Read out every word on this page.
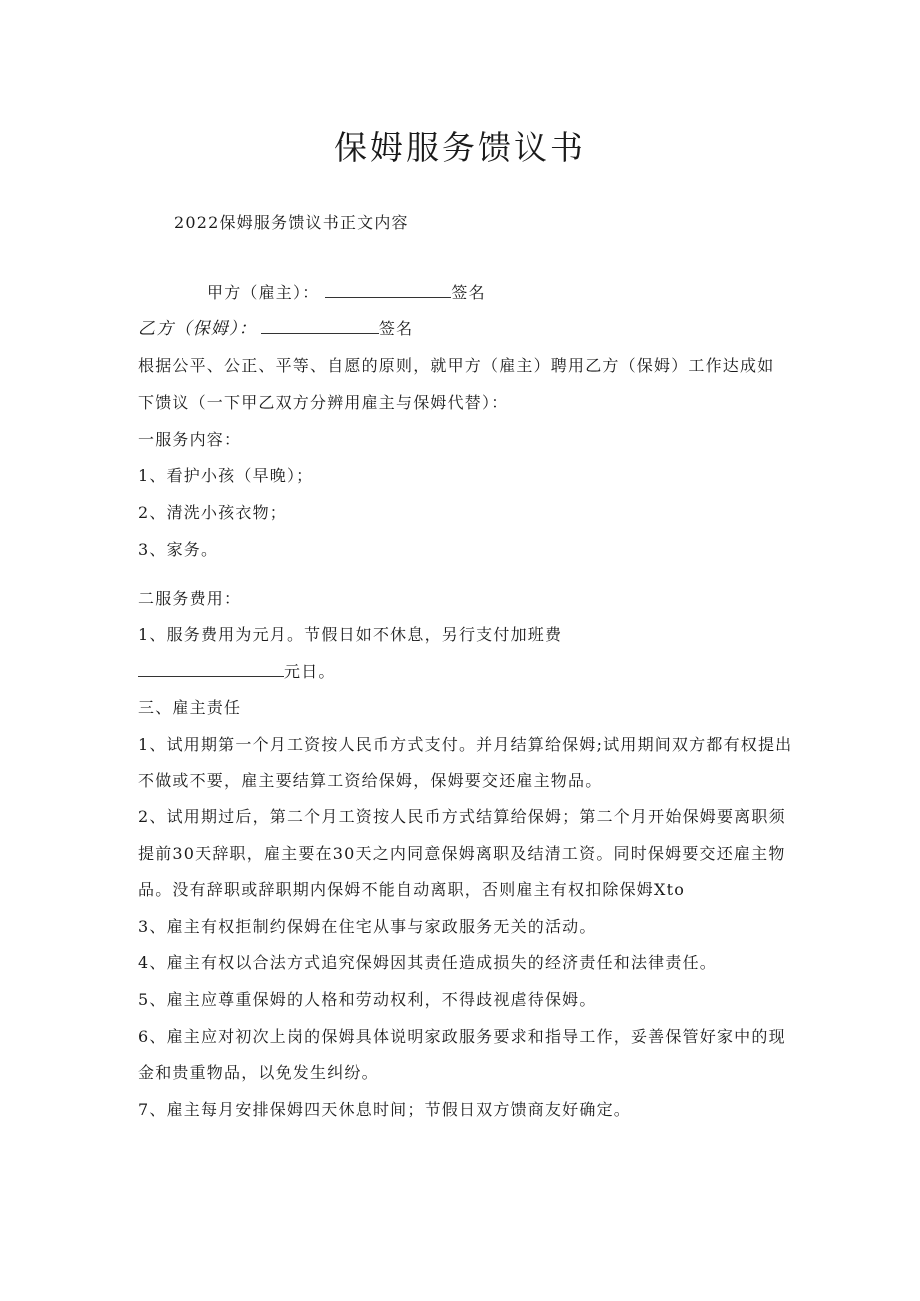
保姆服务馈议书
2022保姆服务馈议书正文内容
甲方（雇主）：	签名
乙方（保姆）：	签名
根据公平、公正、平等、自愿的原则，就甲方（雇主）聘用乙方（保姆）工作达成如
下馈议（一下甲乙双方分辨用雇主与保姆代替）：
一服务内容：
1、看护小孩（早晚）；
2、清洗小孩衣物；
3、家务。
二服务费用：
1、服务费用为元月。节假日如不休息，另行支付加班费
元日。
三、雇主责任
1、试用期第一个月工资按人民币方式支付。并月结算给保姆;试用期间双方都有权提出
不做或不要，雇主要结算工资给保姆，保姆要交还雇主物品。
2、试用期过后，第二个月工资按人民币方式结算给保姆；第二个月开始保姆要离职须
提前30天辞职，雇主要在30天之内同意保姆离职及结清工资。同时保姆要交还雇主物
品。没有辞职或辞职期内保姆不能自动离职，否则雇主有权扣除保姆Xto
3、雇主有权拒制约保姆在住宅从事与家政服务无关的活动。
4、雇主有权以合法方式追究保姆因其责任造成损失的经济责任和法律责任。
5、雇主应尊重保姆的人格和劳动权利，不得歧视虐待保姆。
6、雇主应对初次上岗的保姆具体说明家政服务要求和指导工作，妥善保管好家中的现
金和贵重物品，以免发生纠纷。
7、雇主每月安排保姆四天休息时间；节假日双方馈商友好确定。
